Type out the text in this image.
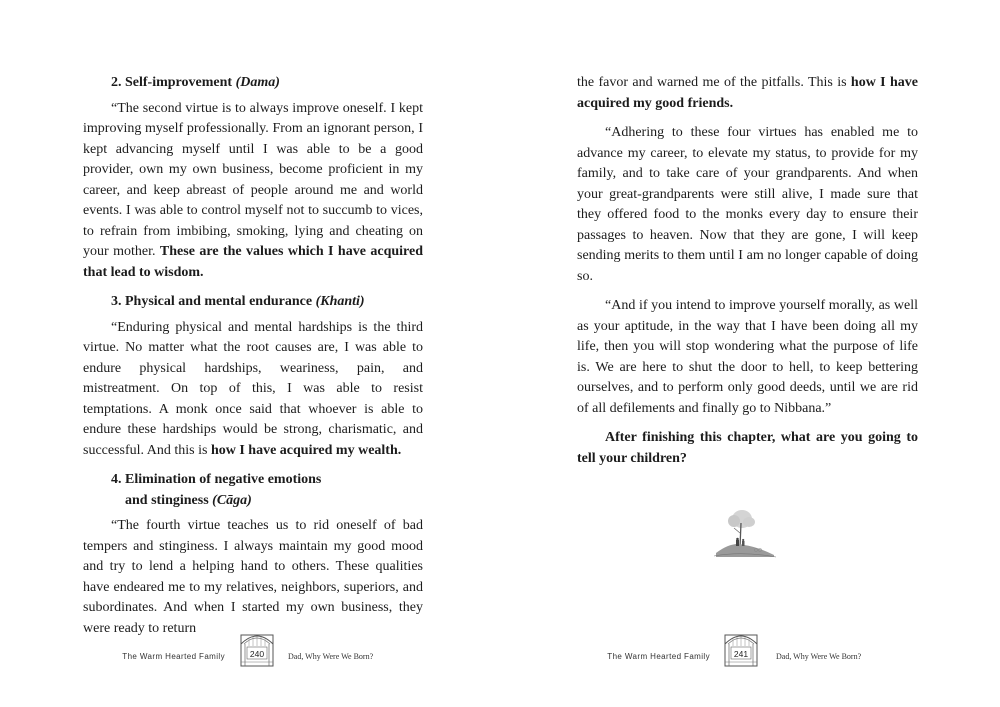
2. Self-improvement (Dama)

“The second virtue is to always improve oneself. I kept improving myself professionally. From an ignorant person, I kept advancing myself until I was able to be a good provider, own my own business, become proficient in my career, and keep abreast of people around me and world events. I was able to control myself not to succumb to vices, to refrain from imbibing, smoking, lying and cheating on your mother. These are the values which I have acquired that lead to wisdom.

3. Physical and mental endurance (Khanti)

“Enduring physical and mental hardships is the third virtue. No matter what the root causes are, I was able to endure physical hardships, weariness, pain, and mistreatment. On top of this, I was able to resist temptations. A monk once said that whoever is able to endure these hardships would be strong, charismatic, and successful. And this is how I have acquired my wealth.

4. Elimination of negative emotions
and stinginess (Cāga)

“The fourth virtue teaches us to rid oneself of bad tempers and stinginess. I always maintain my good mood and try to lend a helping hand to others. These qualities have endeared me to my relatives, neighbors, superiors, and subordinates. And when I started my own business, they were ready to return

The Warm Hearted Family	240	Dad, Why Were We Born?

the favor and warned me of the pitfalls. This is how I have acquired my good friends.

“Adhering to these four virtues has enabled me to advance my career, to elevate my status, to provide for my family, and to take care of your grandparents. And when your great-grandparents were still alive, I made sure that they offered food to the monks every day to ensure their passages to heaven. Now that they are gone, I will keep sending merits to them until I am no longer capable of doing so.

“And if you intend to improve yourself morally, as well as your aptitude, in the way that I have been doing all my life, then you will stop wondering what the purpose of life is. We are here to shut the door to hell, to keep bettering ourselves, and to perform only good deeds, until we are rid of all defilements and finally go to Nibbana.”

After finishing this chapter, what are you going to tell your children?

The Warm Hearted Family	241	Dad, Why Were We Born?
